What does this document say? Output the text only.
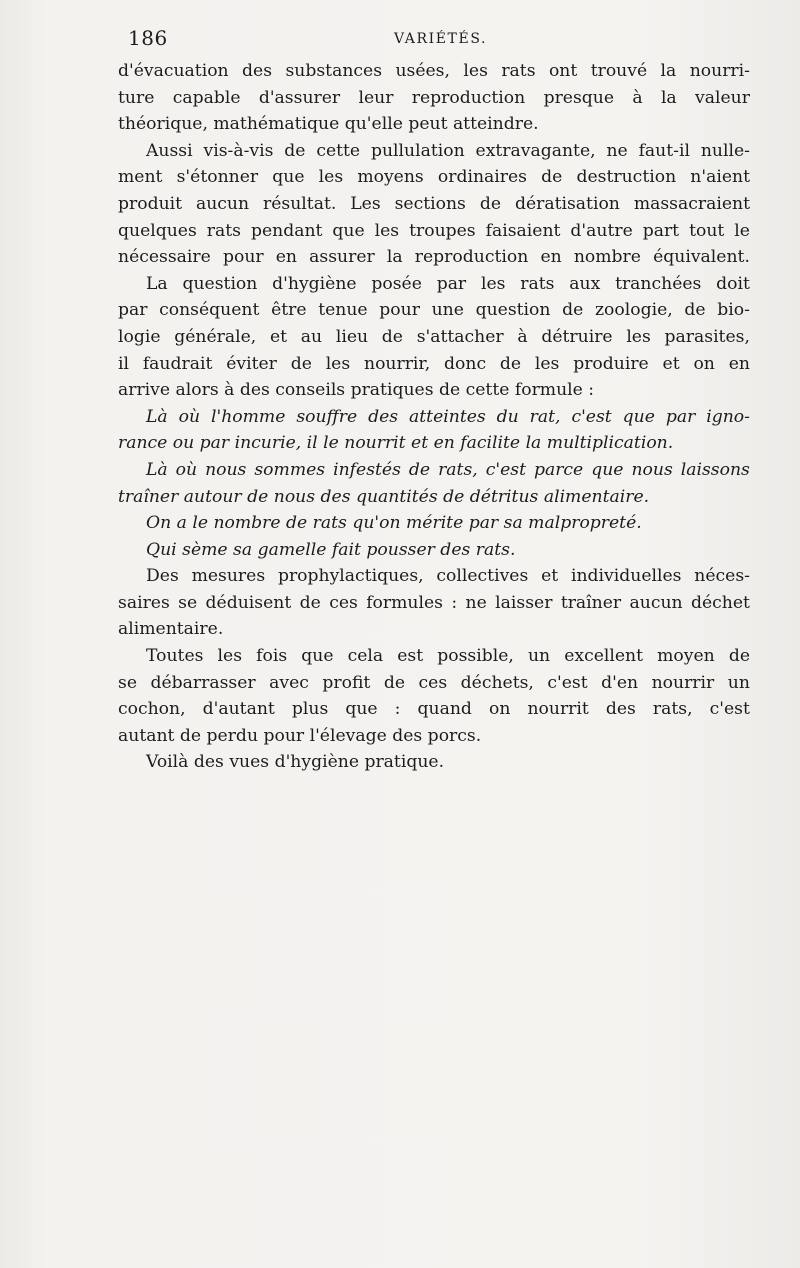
186	VARIÉTÉS.
d'évacuation des substances usées, les rats ont trouvé la nourri-
ture capable d'assurer leur reproduction presque à la valeur
théorique, mathématique qu'elle peut atteindre.
Aussi vis-à-vis de cette pullulation extravagante, ne faut-il nulle-
ment s'étonner que les moyens ordinaires de destruction n'aient
produit aucun résultat. Les sections de dératisation massacraient
quelques rats pendant que les troupes faisaient d'autre part tout le
nécessaire pour en assurer la reproduction en nombre équivalent.
La question d'hygiène posée par les rats aux tranchées doit
par conséquent être tenue pour une question de zoologie, de bio-
logie générale, et au lieu de s'attacher à détruire les parasites,
il faudrait éviter de les nourrir, donc de les produire et on en
arrive alors à des conseils pratiques de cette formule :
Là où l'homme souffre des atteintes du rat, c'est que par igno-
rance ou par incurie, il le nourrit et en facilite la multiplication.
Là où nous sommes infestés de rats, c'est parce que nous laissons
traîner autour de nous des quantités de détritus alimentaire.
On a le nombre de rats qu'on mérite par sa malpropreté.
Qui sème sa gamelle fait pousser des rats.
Des mesures prophylactiques, collectives et individuelles néces-
saires se déduisent de ces formules : ne laisser traîner aucun déchet
alimentaire.
Toutes les fois que cela est possible, un excellent moyen de
se débarrasser avec profit de ces déchets, c'est d'en nourrir un
cochon, d'autant plus que : quand on nourrit des rats, c'est
autant de perdu pour l'élevage des porcs.
Voilà des vues d'hygiène pratique.
